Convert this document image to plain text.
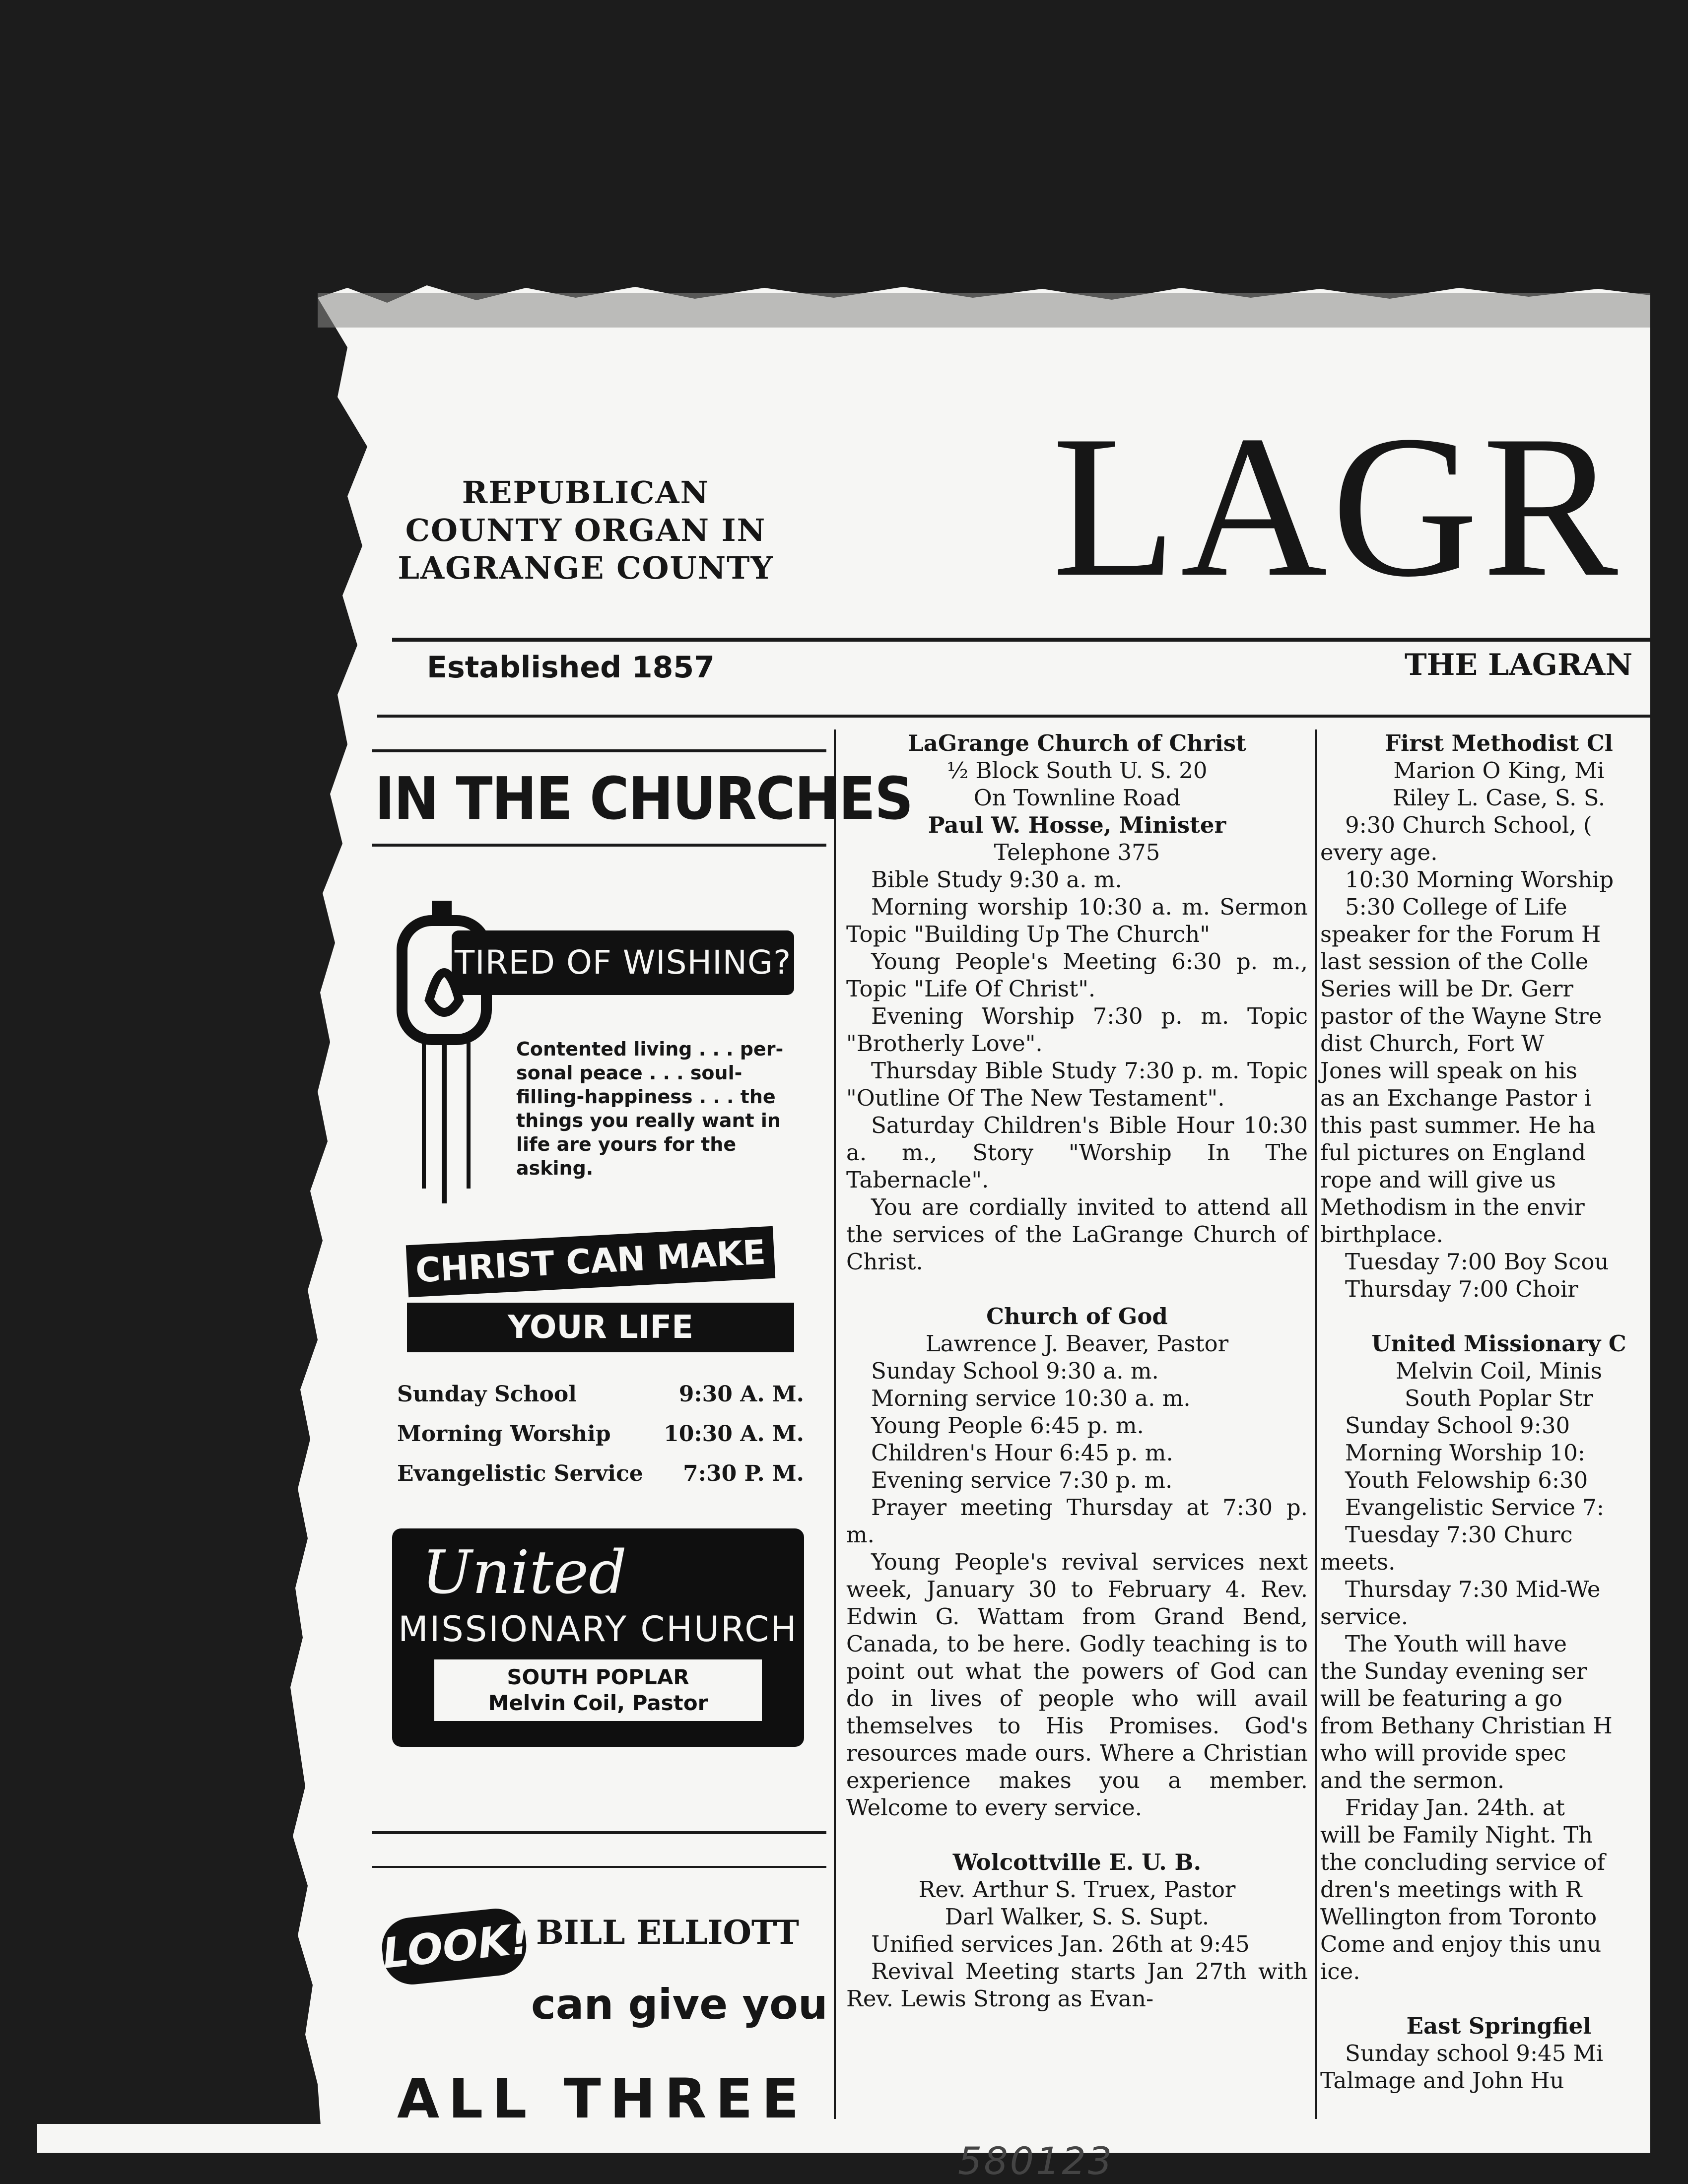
REPUBLICAN
COUNTY ORGAN IN
LAGRANGE COUNTY LAGR
Established 1857	THE LAGRAN
IN THE CHURCHES
TIRED OF WISHING?
Contented living . . . per-
sonal peace . . . soul-
filling-happiness . . . the
things you really want in
life are yours for the
asking.
CHRIST CAN MAKE
YOUR LIFE COMPLETE
Sunday School	9:30 A. M.
Morning Worship 10:30 A. M.
Evangelistic Service 7:30 P. M.
United
MISSIONARY CHURCH
SOUTH POPLAR
Melvin Coil, Pastor
LOOK! BILL ELLIOTT
can give you
ALL THREE

LaGrange Church of Christ

½ Block South U. S. 20

On Townline Road

Paul W. Hosse, Minister

Telephone 375

Bible Study 9:30 a. m.

Morning worship 10:30 a. m. Sermon Topic "Building Up The Church"

Young People's Meeting 6:30 p. m., Topic "Life Of Christ".

Evening Worship 7:30 p. m. Topic "Brotherly Love".

Thursday Bible Study 7:30 p. m. Topic "Outline Of The New Testament".

Saturday Children's Bible Hour 10:30 a. m., Story "Worship In The Tabernacle".

You are cordially invited to attend all the services of the LaGrange Church of Christ.

Church of God

Lawrence J. Beaver, Pastor

Sunday School 9:30 a. m.

Morning service 10:30 a. m.

Young People 6:45 p. m.

Children's Hour 6:45 p. m.

Evening service 7:30 p. m.

Prayer meeting Thursday at 7:30 p. m.

Young People's revival services next week, January 30 to February 4. Rev. Edwin G. Wattam from Grand Bend, Canada, to be here. Godly teaching is to point out what the powers of God can do in lives of people who will avail themselves to His Promises. God's resources made ours. Where a Christian experience makes you a member. Welcome to every service.

Wolcottville E. U. B.

Rev. Arthur S. Truex, Pastor

Darl Walker, S. S. Supt.

Unified services Jan. 26th at 9:45

Revival Meeting starts Jan 27th with Rev. Lewis Strong as Evan-

First Methodist Cl

Marion O King, Mi

Riley L. Case, S. S.

9:30 Church School, (

every age.

10:30 Morning Worship

5:30 College of Life

speaker for the Forum H

last session of the Colle

Series will be Dr. Gerr

pastor of the Wayne Stre

dist Church, Fort W

Jones will speak on his

as an Exchange Pastor i

this past summer. He ha

ful pictures on England

rope and will give us

Methodism in the envir

birthplace.

Tuesday 7:00 Boy Scou

Thursday 7:00 Choir

United Missionary C

Melvin Coil, Minis

South Poplar Str

Sunday School 9:30

Morning Worship 10:

Youth Felowship 6:30

Evangelistic Service 7:

Tuesday 7:30 Churc

meets.

Thursday 7:30 Mid-We

service.

The Youth will have

the Sunday evening ser

will be featuring a go

from Bethany Christian H

who will provide spec

and the sermon.

Friday Jan. 24th. at

will be Family Night. Th

the concluding service of

dren's meetings with R

Wellington from Toronto

Come and enjoy this unu

ice.

East Springfiel

Sunday school 9:45 Mi

Talmage and John Hu

580123
